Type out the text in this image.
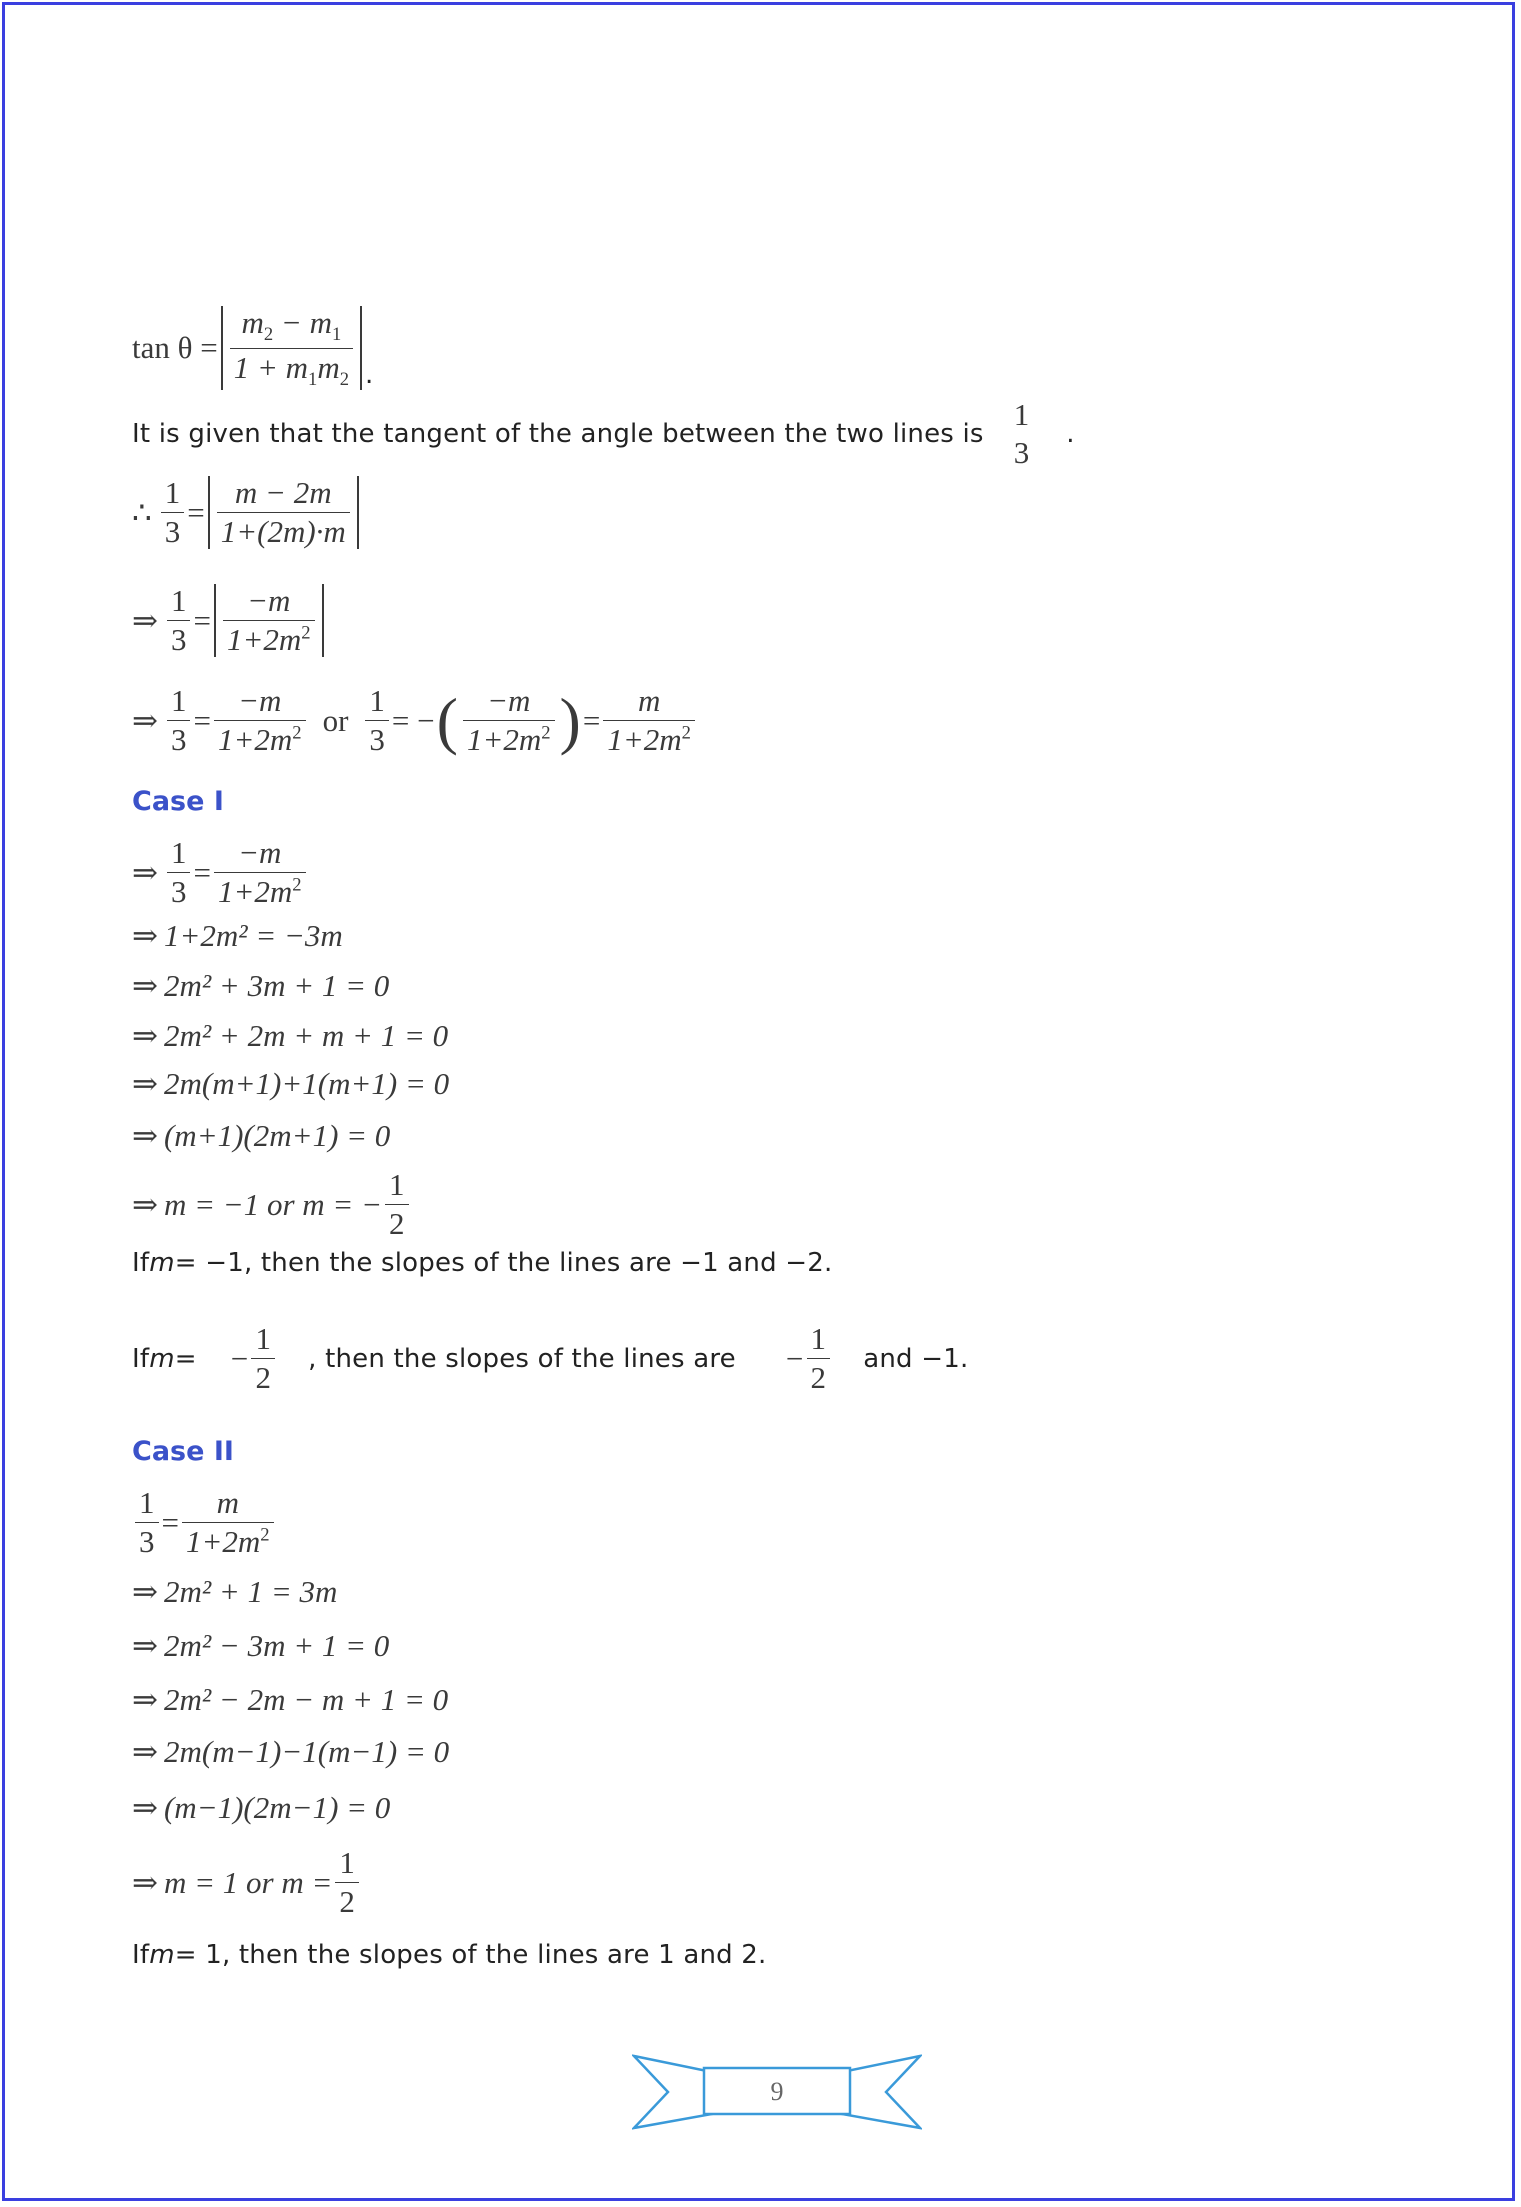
$\tan \theta = \frac{m_2 - m_1}{1 + m_1m_2}$ .
It is given that the tangent of the angle between the two lines is
1
3
.
∴ $\frac{1}{3} = \frac{m - 2m}{1+(2m)\cdot m}$
⇒ $\frac{1}{3} = \frac{-m}{1+2m^2}$
⇒ $\frac{1}{3} = \frac{-m}{1+2m^2}$ or $\frac{1}{3}$ = − ( $\frac{-m}{1+2m^2}$ ) = $\frac{m}{1+2m^2}$
Case I
⇒ $\frac{1}{3} = \frac{-m}{1+2m^2}$
⇒ 1+2m² = −3m
⇒ 2m² + 3m + 1 = 0
⇒ 2m² + 2m + m + 1 = 0
⇒ 2m(m+1)+1(m+1) = 0
⇒ (m+1)(2m+1) = 0
⇒ m = −1 or m = − $\frac{1}{2}$
If m = −1, then the slopes of the lines are −1 and −2.
If m = − $\frac{1}{2}$ , then the slopes of the lines are − $\frac{1}{2}$ and −1.
Case II
$\frac{1}{3} = \frac{m}{1+2m^2}$
⇒ 2m² + 1 = 3m
⇒ 2m² − 3m + 1 = 0
⇒ 2m² − 2m − m + 1 = 0
⇒ 2m(m−1)−1(m−1) = 0
⇒ (m−1)(2m−1) = 0
⇒ m = 1 or $m = \frac{1}{2}$
If m = 1, then the slopes of the lines are 1 and 2.
9
